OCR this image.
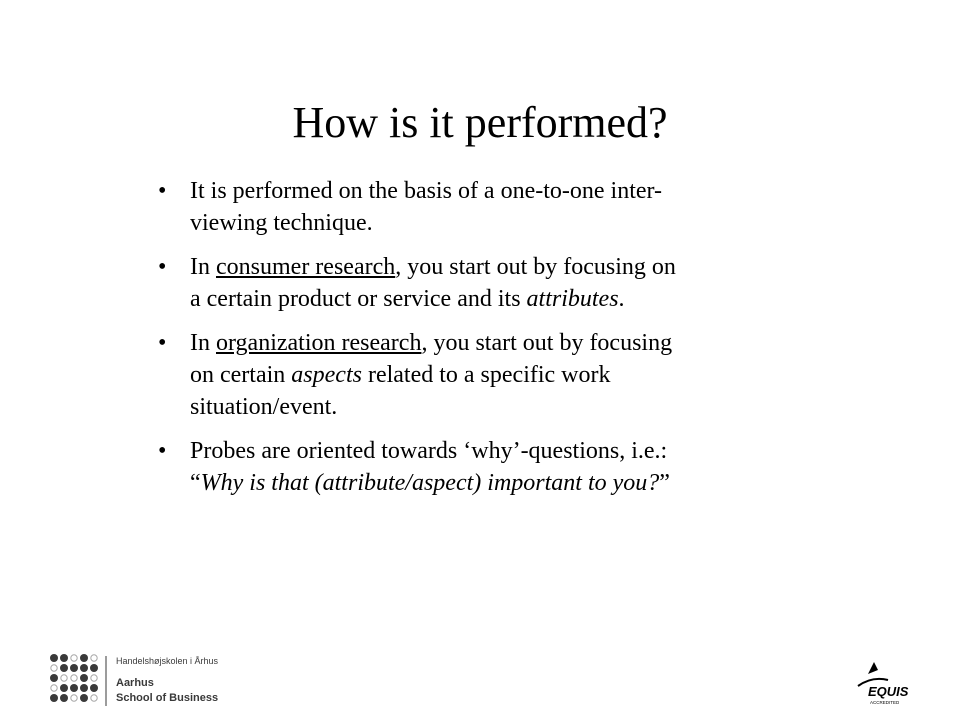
How is it performed?
• It is performed on the basis of a one-to-one inter-
viewing technique.
• In consumer research, you start out by focusing on
a certain product or service and its attributes.
• In organization research, you start out by focusing
on certain aspects related to a specific work
situation/event.
• Probes are oriented towards ‘why’-questions, i.e.:
“Why is that (attribute/aspect) important to you?”
Handelshøjskolen i Århus
Aarhus
School of Business	EQUIS
ACCREDITED
